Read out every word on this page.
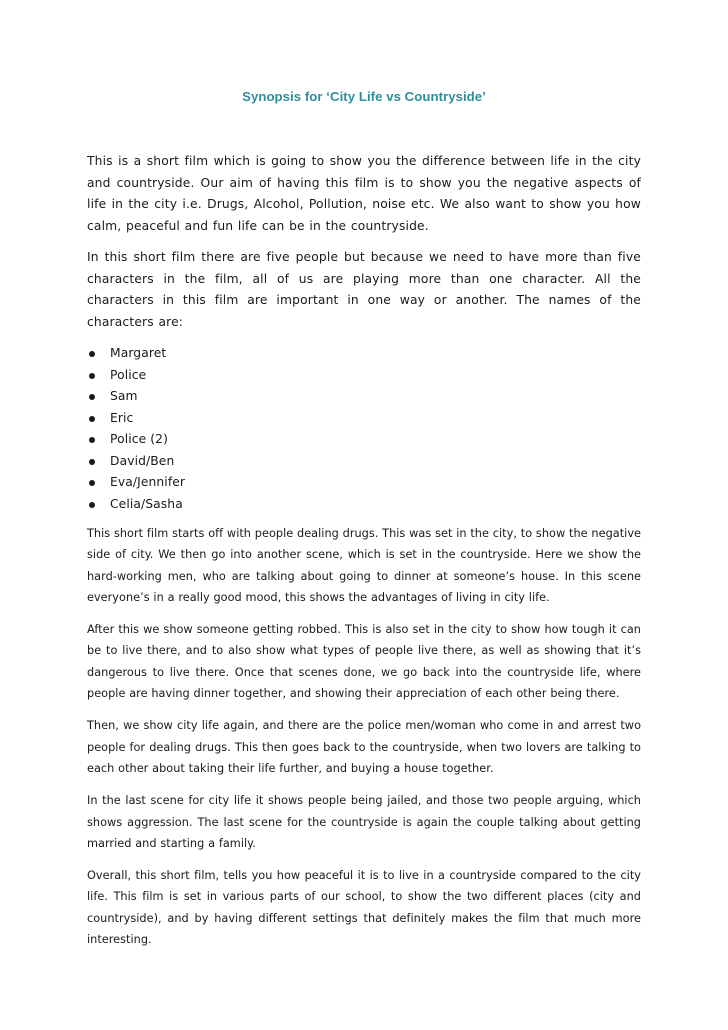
Synopsis for ‘City Life vs Countryside’

This is a short film which is going to show you the difference between life in the city and countryside. Our aim of having this film is to show you the negative aspects of life in the city i.e. Drugs, Alcohol, Pollution, noise etc. We also want to show you how calm, peaceful and fun life can be in the countryside.

In this short film there are five people but because we need to have more than five characters in the film, all of us are playing more than one character. All the characters in this film are important in one way or another. The names of the characters are:

Margaret
Police
Sam
Eric
Police (2)
David/Ben
Eva/Jennifer
Celia/Sasha

This short film starts off with people dealing drugs. This was set in the city, to show the negative side of city. We then go into another scene, which is set in the countryside. Here we show the hard-working men, who are talking about going to dinner at someone’s house. In this scene everyone’s in a really good mood, this shows the advantages of living in city life.

After this we show someone getting robbed. This is also set in the city to show how tough it can be to live there, and to also show what types of people live there, as well as showing that it’s dangerous to live there. Once that scenes done, we go back into the countryside life, where people are having dinner together, and showing their appreciation of each other being there.

Then, we show city life again, and there are the police men/woman who come in and arrest two people for dealing drugs. This then goes back to the countryside, when two lovers are talking to each other about taking their life further, and buying a house together.

In the last scene for city life it shows people being jailed, and those two people arguing, which shows aggression. The last scene for the countryside is again the couple talking about getting married and starting a family.

Overall, this short film, tells you how peaceful it is to live in a countryside compared to the city life. This film is set in various parts of our school, to show the two different places (city and countryside), and by having different settings that definitely makes the film that much more interesting.
